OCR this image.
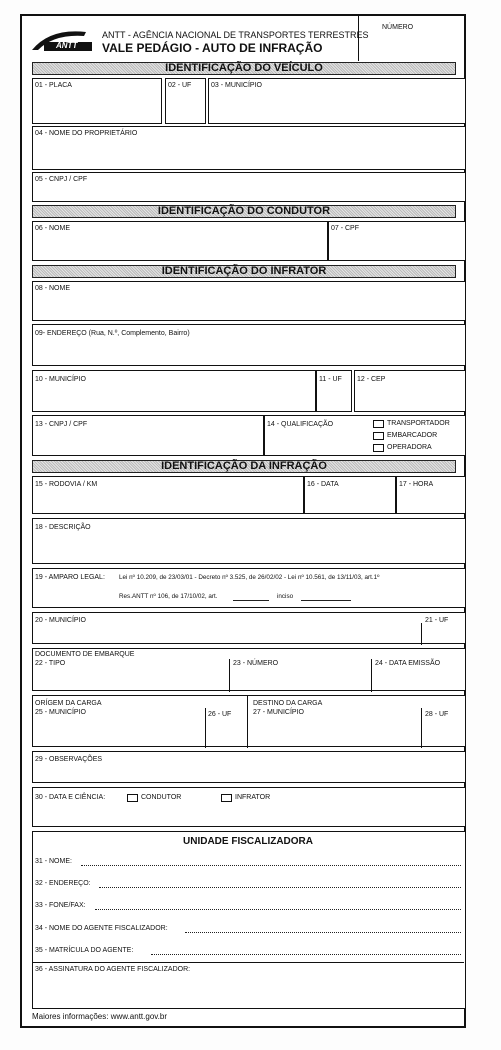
ANTT
ANTT - AGÊNCIA NACIONAL DE TRANSPORTES TERRESTRES
VALE PEDÁGIO - AUTO DE INFRAÇÃO
NÚMERO
IDENTIFICAÇÃO DO VEÍCULO
01 - PLACA	02 - UF	03 - MUNICÍPIO
04 - NOME DO PROPRIETÁRIO
05 - CNPJ / CPF
IDENTIFICAÇÃO DO CONDUTOR
06 - NOME	07 - CPF
IDENTIFICAÇÃO DO INFRATOR
08 - NOME
09- ENDEREÇO (Rua, N.º, Complemento, Bairro)
10 - MUNICÍPIO	11 - UF 12 - CEP
13 - CNPJ / CPF	14 - QUALIFICAÇÃO	TRANSPORTADOR
EMBARCADOR
OPERADORA
IDENTIFICAÇÃO DA INFRAÇÃO
15 - RODOVIA / KM	16 - DATA	17 - HORA
18 - DESCRIÇÃO
19 - AMPARO LEGAL: Lei nº 10.209, de 23/03/01 - Decreto nº 3.525, de 26/02/02 - Lei nº 10.561, de 13/11/03, art.1º
Res.ANTT nº 106, de 17/10/02, art.	inciso
20 - MUNICÍPIO	21 - UF
DOCUMENTO DE EMBARQUE
22 - TIPO	23 - NÚMERO	24 - DATA EMISSÃO
ORÍGEM DA CARGA
25 - MUNICÍPIO	26 - UF
DESTINO DA CARGA
27 - MUNICÍPIO	28 - UF
29 - OBSERVAÇÕES
30 - DATA E CIÊNCIA:	CONDUTOR	INFRATOR
UNIDADE FISCALIZADORA
31 - NOME:
32 - ENDEREÇO:
33 - FONE/FAX:
34 - NOME DO AGENTE FISCALIZADOR:
35 - MATRÍCULA DO AGENTE:
36 - ASSINATURA DO AGENTE FISCALIZADOR:
Maiores informações: www.antt.gov.br
